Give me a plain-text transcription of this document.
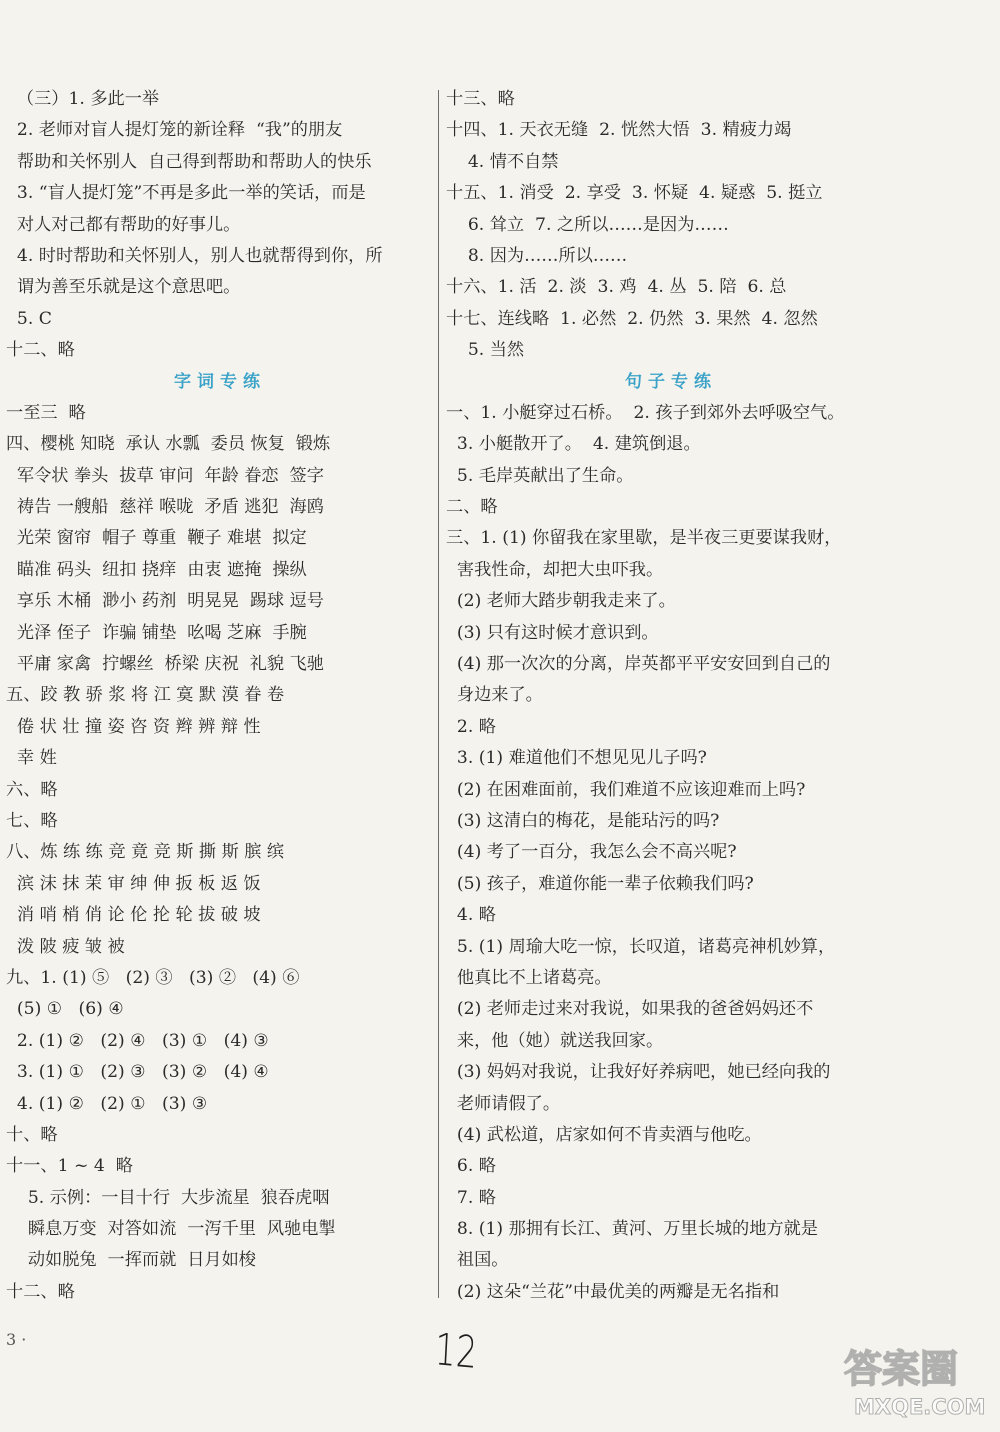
（三）1. 多此一举
2. 老师对盲人提灯笼的新诠释  “我”的朋友
帮助和关怀别人  自己得到帮助和帮助人的快乐
3. “盲人提灯笼”不再是多此一举的笑话，而是
对人对己都有帮助的好事儿。
4. 时时帮助和关怀别人，别人也就帮得到你，所
谓为善至乐就是这个意思吧。
5. C
十二、略
字词专练
一至三  略
四、樱桃 知晓  承认 水瓢  委员 恢复  锻炼
军令状 拳头  拔草 审问  年龄 眷恋  签字
祷告 一艘船  慈祥 喉咙  矛盾 逃犯  海鸥
光荣 窗帘  帽子 尊重  鞭子 难堪  拟定
瞄准 码头  纽扣 挠痒  由衷 遮掩  操纵
享乐 木桶  渺小 药剂  明晃晃  踢球 逗号
光泽 侄子  诈骗 铺垫  吆喝 芝麻  手腕
平庸 家禽  拧螺丝  桥梁 庆祝  礼貌 飞驰
五、跤 教 骄 浆 将 江 寞 默 漠 眷 卷
倦 状 壮 撞 姿 咨 资 辫 辨 辩 性
幸 姓
六、略
七、略
八、炼 练 练 竞 竟 竞 斯 撕 斯 膑 缤
滨 沫 抹 茉 审 绅 伸 扳 板 返 饭
消 哨 梢 俏 论 伦 抡 轮 拔 破 坡
泼 陂 疲 皱 被
九、1. (1) ⑤   (2) ③   (3) ②   (4) ⑥
(5) ①   (6) ④
2. (1) ②   (2) ④   (3) ①   (4) ③
3. (1) ①   (2) ③   (3) ②   (4) ④
4. (1) ②   (2) ①   (3) ③
十、略
十一、1 ~ 4  略
5. 示例：一目十行  大步流星  狼吞虎咽
瞬息万变  对答如流  一泻千里  风驰电掣
动如脱兔  一挥而就  日月如梭
十二、略
十三、略
十四、1. 天衣无缝  2. 恍然大悟  3. 精疲力竭
4. 情不自禁
十五、1. 消受  2. 享受  3. 怀疑  4. 疑惑  5. 挺立
6. 耸立  7. 之所以……是因为……
8. 因为……所以……
十六、1. 活  2. 淡  3. 鸡  4. 丛  5. 陪  6. 总
十七、连线略  1. 必然  2. 仍然  3. 果然  4. 忽然
5. 当然
句子专练
一、1. 小艇穿过石桥。  2. 孩子到郊外去呼吸空气。
3. 小艇散开了。  4. 建筑倒退。
5. 毛岸英献出了生命。
二、略
三、1. (1) 你留我在家里歇，是半夜三更要谋我财，
害我性命，却把大虫吓我。
(2) 老师大踏步朝我走来了。
(3) 只有这时候才意识到。
(4) 那一次次的分离，岸英都平平安安回到自己的
身边来了。
2. 略
3. (1) 难道他们不想见见儿子吗?
(2) 在困难面前，我们难道不应该迎难而上吗?
(3) 这清白的梅花，是能玷污的吗?
(4) 考了一百分，我怎么会不高兴呢?
(5) 孩子，难道你能一辈子依赖我们吗?
4. 略
5. (1) 周瑜大吃一惊，长叹道，诸葛亮神机妙算，
他真比不上诸葛亮。
(2) 老师走过来对我说，如果我的爸爸妈妈还不
来，他（她）就送我回家。
(3) 妈妈对我说，让我好好养病吧，她已经向我的
老师请假了。
(4) 武松道，店家如何不肯卖酒与他吃。
6. 略
7. 略
8. (1) 那拥有长江、黄河、万里长城的地方就是
祖国。
(2) 这朵“兰花”中最优美的两瓣是无名指和
3 ·	12	答案圈
MXQE.COM
